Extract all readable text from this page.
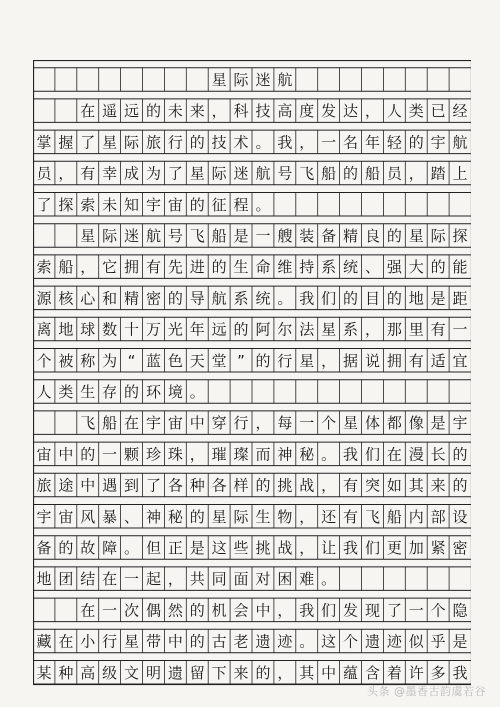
星 际 迷 航
在 遥 远 的 未 来 ， 科 技 高 度 发 达 ， 人 类 已 经
掌 握 了 星 际 旅 行 的 技 术 。 我 ， 一 名 年 轻 的 宇 航
员 ， 有 幸 成 为 了 星 际 迷 航 号 飞 船 的 船 员 ， 踏 上
了 探 索 未 知 宇 宙 的 征 程 。
星 际 迷 航 号 飞 船 是 一 艘 装 备 精 良 的 星 际 探
索 船 ， 它 拥 有 先 进 的 生 命 维 持 系 统 、 强 大 的 能
源 核 心 和 精 密 的 导 航 系 统 。 我 们 的 目 的 地 是 距
离 地 球 数 十 万 光 年 远 的 阿 尔 法 星 系 ， 那 里 有 一
个 被 称 为 “ 蓝 色 天 堂 ” 的 行 星 ， 据 说 拥 有 适 宜
人 类 生 存 的 环 境 。
飞 船 在 宇 宙 中 穿 行 ， 每 一 个 星 体 都 像 是 宇
宙 中 的 一 颗 珍 珠 ， 璀 璨 而 神 秘 。 我 们 在 漫 长 的
旅 途 中 遇 到 了 各 种 各 样 的 挑 战 ， 有 突 如 其 来 的
宇 宙 风 暴 、 神 秘 的 星 际 生 物 ， 还 有 飞 船 内 部 设
备 的 故 障 。 但 正 是 这 些 挑 战 ， 让 我 们 更 加 紧 密
地 团 结 在 一 起 ， 共 同 面 对 困 难 。
在 一 次 偶 然 的 机 会 中 ， 我 们 发 现 了 一 个 隐
藏 在 小 行 星 带 中 的 古 老 遗 迹 。 这 个 遗 迹 似 乎 是
某 种 高 级 文 明 遗 留 下 来 的 ， 其 中 蕴 含 着 许 多 我
头条 @墨香古韵虞若谷
